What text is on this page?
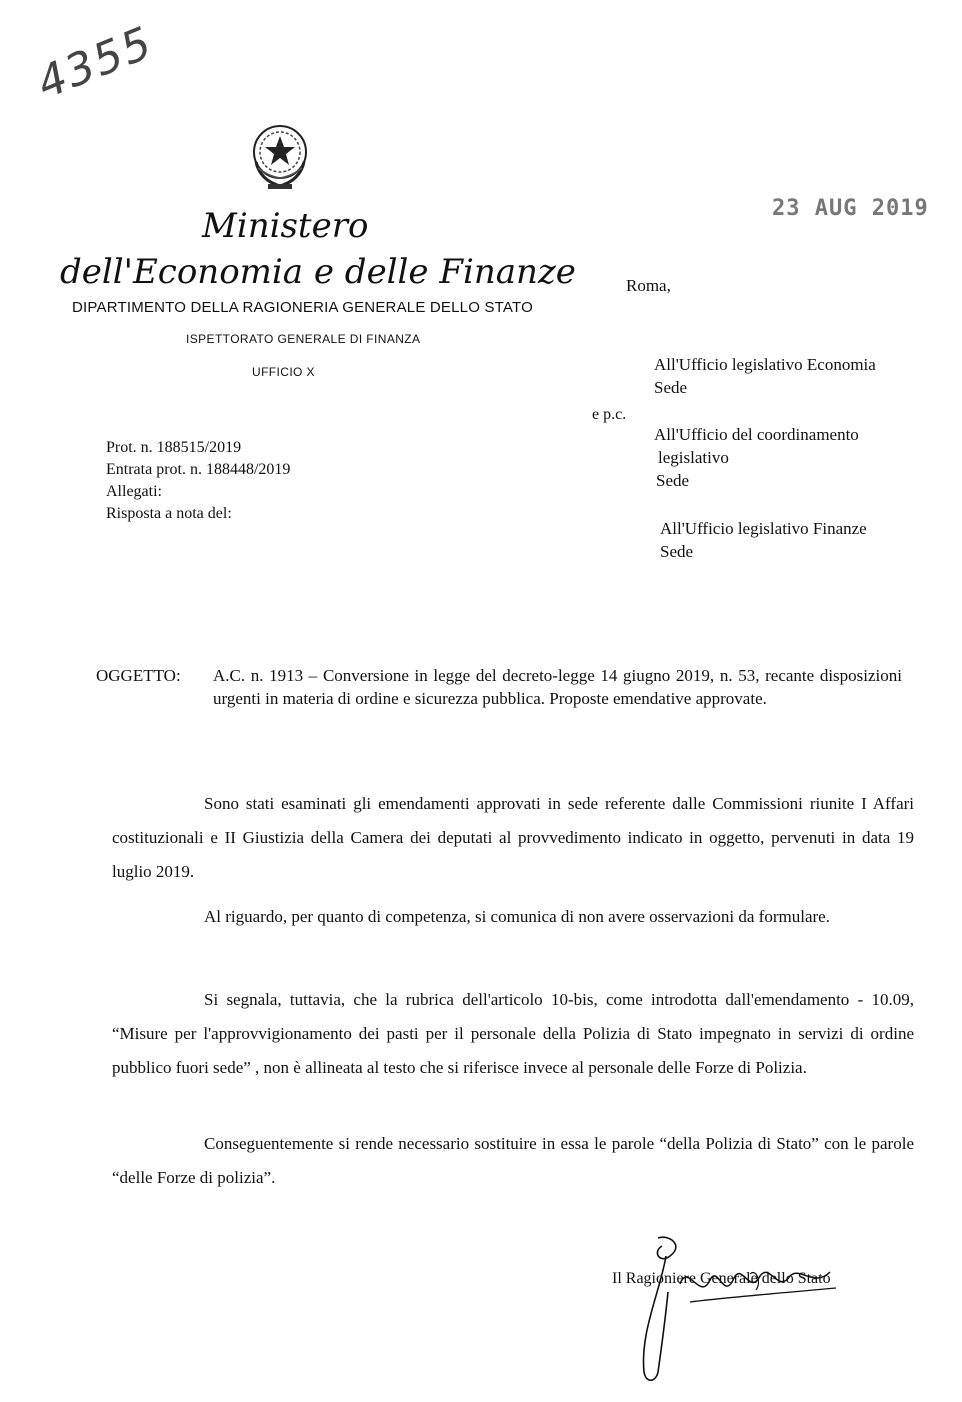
4355
23 AUG 2019
Ministero
dell'Economia e delle Finanze
DIPARTIMENTO DELLA RAGIONERIA GENERALE DELLO STATO
ISPETTORATO GENERALE DI FINANZA
UFFICIO X
Roma,
All'Ufficio legislativo Economia
Sede
e p.c.
All'Ufficio del coordinamento
legislativo
Sede
All'Ufficio legislativo Finanze
Sede
Prot. n. 188515/2019
Entrata prot. n. 188448/2019
Allegati:
Risposta a nota del:
OGGETTO: A.C. n. 1913 – Conversione in legge del decreto-legge 14 giugno 2019, n. 53, recante disposizioni urgenti in materia di ordine e sicurezza pubblica. Proposte emendative approvate.
Sono stati esaminati gli emendamenti approvati in sede referente dalle Commissioni riunite I Affari costituzionali e II Giustizia della Camera dei deputati al provvedimento indicato in oggetto, pervenuti in data 19 luglio 2019.
Al riguardo, per quanto di competenza, si comunica di non avere osservazioni da formulare.
Si segnala, tuttavia, che la rubrica dell'articolo 10-bis, come introdotta dall'emendamento - 10.09, “Misure per l'approvvigionamento dei pasti per il personale della Polizia di Stato impegnato in servizi di ordine pubblico fuori sede” , non è allineata al testo che si riferisce invece al personale delle Forze di Polizia.
Conseguentemente si rende necessario sostituire in essa le parole “della Polizia di Stato” con le parole “delle Forze di polizia”.
Il Ragioniere Generale dello Stato
